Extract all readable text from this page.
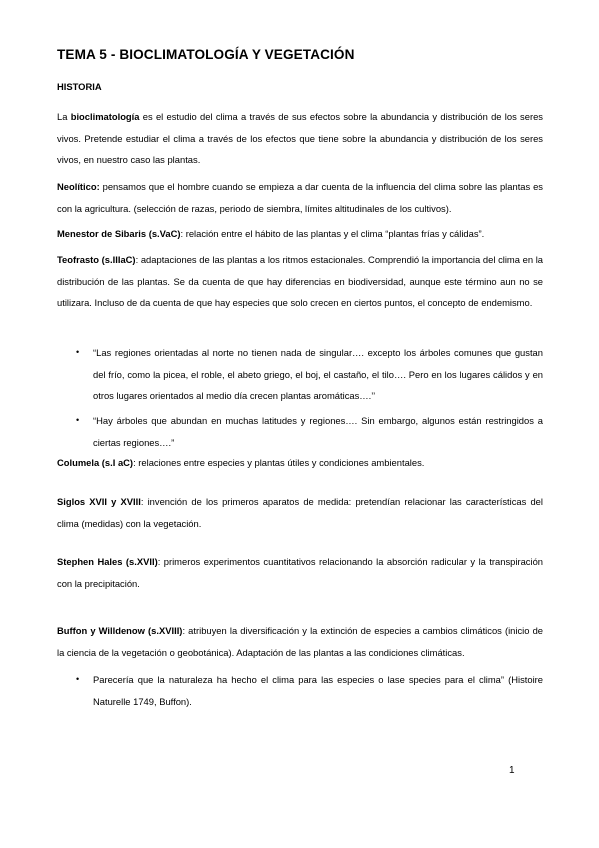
TEMA 5 - BIOCLIMATOLOGÍA Y VEGETACIÓN
HISTORIA

La bioclimatología es el estudio del clima a través de sus efectos sobre la abundancia y distribución de los seres vivos. Pretende estudiar el clima a través de los efectos que tiene sobre la abundancia y distribución de los seres vivos, en nuestro caso las plantas.

Neolítico: pensamos que el hombre cuando se empieza a dar cuenta de la influencia del clima sobre las plantas es con la agricultura. (selección de razas, periodo de siembra, límites altitudinales de los cultivos).

Menestor de Sibaris (s.VaC): relación entre el hábito de las plantas y el clima “plantas frías y cálidas”.

Teofrasto (s.IIIaC): adaptaciones de las plantas a los ritmos estacionales. Comprendió la importancia del clima en la distribución de las plantas. Se da cuenta de que hay diferencias en biodiversidad, aunque este término aun no se utilizara. Incluso de da cuenta de que hay especies que solo crecen en ciertos puntos, el concepto de endemismo.

• “Las regiones orientadas al norte no tienen nada de singular…. excepto los árboles comunes que gustan del frío, como la picea, el roble, el abeto griego, el boj, el castaño, el tilo…. Pero en los lugares cálidos y en otros lugares orientados al medio día crecen plantas aromáticas….’’
• “Hay árboles que abundan en muchas latitudes y regiones…. Sin embargo, algunos están restringidos a ciertas regiones….”

Columela (s.I aC): relaciones entre especies y plantas útiles y condiciones ambientales.

Siglos XVII y XVIII: invención de los primeros aparatos de medida: pretendían relacionar las características del clima (medidas) con la vegetación.

Stephen Hales (s.XVII): primeros experimentos cuantitativos relacionando la absorción radicular y la transpiración con la precipitación.

Buffon y Willdenow (s.XVIII): atribuyen la diversificación y la extinción de especies a cambios climáticos (inicio de la ciencia de la vegetación o geobotánica). Adaptación de las plantas a las condiciones climáticas.

• Parecería que la naturaleza ha hecho el clima para las especies o lase species para el clima” (Histoire Naturelle 1749, Buffon).

1
